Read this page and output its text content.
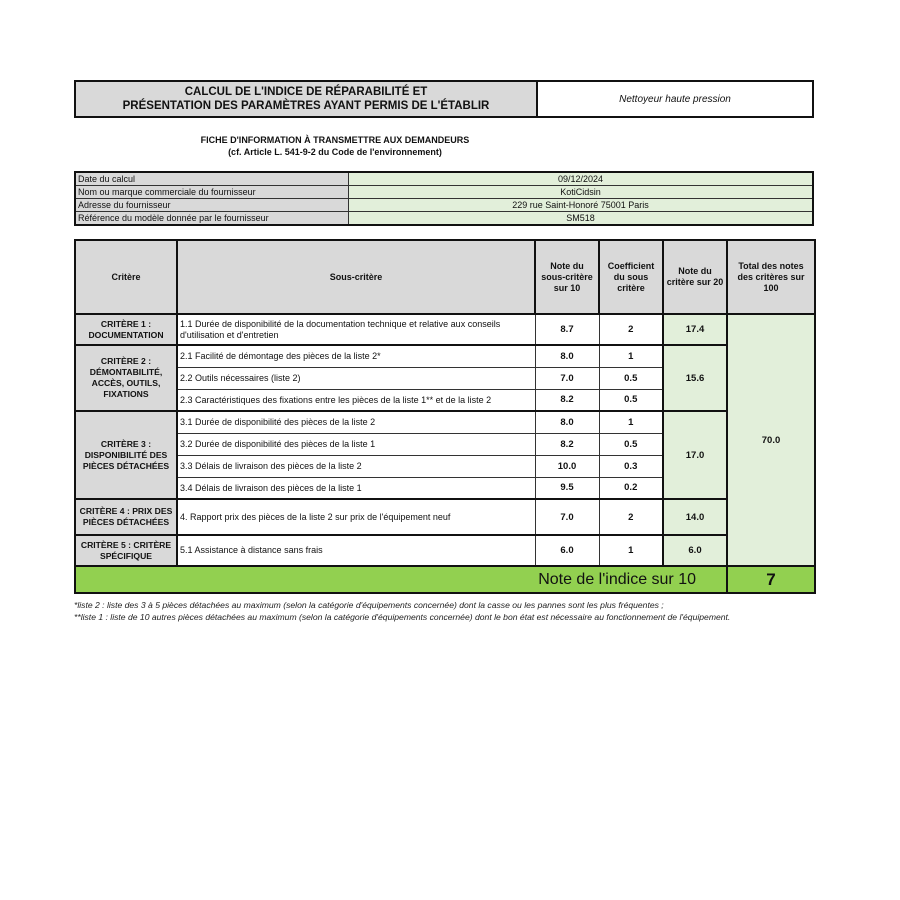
CALCUL DE L'INDICE DE RÉPARABILITÉ ET
PRÉSENTATION DES PARAMÈTRES AYANT PERMIS DE L'ÉTABLIR
Nettoyeur haute pression
FICHE D'INFORMATION À TRANSMETTRE AUX DEMANDEURS
(cf. Article L. 541-9-2 du Code de l'environnement)
Date du calcul	09/12/2024
Nom ou marque commerciale du fournisseur	KotiCidsin
Adresse du fournisseur	229 rue Saint-Honoré 75001 Paris
Référence du modèle donnée par le fournisseur	SM518
Critère	Sous-critère	Note du sous-critère sur 10	Coefficient du sous critère	Note du critère sur 20	Total des notes des critères sur 100
CRITÈRE 1 : DOCUMENTATION	1.1 Durée de disponibilité de la documentation technique et relative aux conseils d'utilisation et d'entretien	8.7	2	17.4	70.0
CRITÈRE 2 : DÉMONTABILITÉ, ACCÈS, OUTILS, FIXATIONS	2.1 Facilité de démontage des pièces de la liste 2*	8.0	1	15.6	
	2.2 Outils nécessaires (liste 2)	7.0	0.5		
	2.3 Caractéristiques des fixations entre les pièces de la liste 1** et de la liste 2	8.2	0.5		
CRITÈRE 3 : DISPONIBILITÉ DES PIÈCES DÉTACHÉES	3.1 Durée de disponibilité des pièces de la liste 2	8.0	1	17.0	
	3.2 Durée de disponibilité des pièces de la liste 1	8.2	0.5		
	3.3 Délais de livraison des pièces de la liste 2	10.0	0.3		
	3.4 Délais de livraison des pièces de la liste 1	9.5	0.2		
CRITÈRE 4 : PRIX DES PIÈCES DÉTACHÉES	4. Rapport prix des pièces de la liste 2 sur prix de l'équipement neuf	7.0	2	14.0	
CRITÈRE 5 : CRITÈRE SPÉCIFIQUE	5.1 Assistance à distance sans frais	6.0	1	6.0	
Note de l'indice sur 10					7
*liste 2 : liste des 3 à 5 pièces détachées au maximum (selon la catégorie d'équipements concernée) dont la casse ou les pannes sont les plus fréquentes ;
**liste 1 : liste de 10 autres pièces détachées au maximum (selon la catégorie d'équipements concernée) dont le bon état est nécessaire au fonctionnement de l'équipement.
